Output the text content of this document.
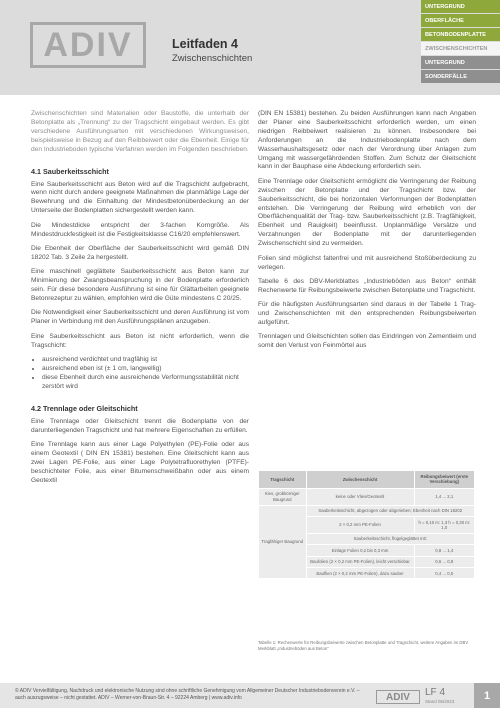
ADIV	Leitfaden 4
Zwischenschichten
UNTERGRUND
OBERFLÄCHE
BETONBODENPLATTE
ZWISCHENSCHICHTEN
UNTERGRUND
SONDERFÄLLE

Zwischenschichten sind Materialien oder Baustoffe, die unterhalb der Betonplatte als „Trennung“ zu der Tragschicht eingebaut werden. Es gibt verschiedene Ausführungsarten mit verschiedenen Wirkungsweisen, beispielsweise in Bezug auf den Reibbeiwert oder die Ebenheit. Einige für den Industrieboden typische Verfahren werden im Folgenden beschrieben.

4.1 Sauberkeitsschicht

Eine Sauberkeitsschicht aus Beton wird auf die Tragschicht aufgebracht, wenn nicht durch andere geeignete Maßnahmen die planmäßige Lage der Bewehrung und die Einhaltung der Mindestbetonüberdeckung an der Unterseite der Bodenplatten sichergestellt werden kann.

Die Mindestdicke entspricht der 3-fachen Korngröße. Als Mindestdruckfestigkeit ist die Festigkeitsklasse C16/20 empfehlenswert.

Die Ebenheit der Oberfläche der Sauberkeitsschicht wird gemäß DIN 18202 Tab. 3 Zeile 2a hergestellt.

Eine maschinell geglättete Sauberkeitsschicht aus Beton kann zur Minimierung der Zwangsbeanspruchung in der Bodenplatte erforderlich sein. Für diese besondere Ausführung ist eine für Glättarbeiten geeignete Betonrezeptur zu wählen, empfohlen wird die Güte mindestens C 20/25.

Die Notwendigkeit einer Sauberkeitsschicht und deren Ausführung ist vom Planer in Verbindung mit den Ausführungsplänen anzugeben.

Eine Sauberkeitsschicht aus Beton ist nicht erforderlich, wenn die Tragschicht:

• ausreichend verdichtet und tragfähig ist
• ausreichend eben ist (± 1 cm, langwellig)
• diese Ebenheit durch eine ausreichende Verformungsstabilität nicht zerstört wird
4.2 Trennlage oder Gleitschicht

Eine Trennlage oder Gleitschicht trennt die Bodenplatte von der darunterliegenden Tragschicht und hat mehrere Eigenschaften zu erfüllen.

Eine Trennlage kann aus einer Lage Polyethylen (PE)-Folie oder aus einem Geotextil ( DIN EN 15381) bestehen. Eine Gleitschicht kann aus zwei Lagen PE-Folie, aus einer Lage Polytetrafluorethylen (PTFE)-beschichteter Folie, aus einer Bitumenschweißbahn oder aus einem Geotextil

(DIN EN 15381) bestehen. Zu beiden Ausführungen kann nach Angaben der Planer eine Sauberkeitsschicht erforderlich werden, um einen niedrigen Reibbeiwert realisieren zu können. Insbesondere bei Anforderungen an die Industriebodenplatte nach dem Wasserhaushaltsgesetz oder nach der Verordnung über Anlagen zum Umgang mit wassergefährdenden Stoffen. Zum Schutz der Gleitschicht kann in der Bauphase eine Abdeckung erforderlich sein.

Eine Trennlage oder Gleitschicht ermöglicht die Verringerung der Reibung zwischen der Betonplatte und der Tragschicht bzw. der Sauberkeitsschicht, die bei horizontalen Verformungen der Bodenplatten entstehen. Die Verringerung der Reibung wird erheblich von der Oberflächenqualität der Trag- bzw. Sauberkeitsschicht (z.B. Tragfähigkeit, Ebenheit und Rauigkeit) beeinflusst. Unplanmäßige Versätze und Verzahnungen der Bodenplatte mit der darunterliegenden Zwischenschicht sind zu vermeiden.

Folien sind möglichst faltenfrei und mit ausreichend Stoßüberdeckung zu verlegen.

Tabelle 6 des DBV-Merkblattes „Industrieböden aus Beton“ enthält Rechenwerte für Reibungsbeiwerte zwischen Betonplatte und Tragschicht.

Für die häufigsten Ausführungsarten sind daraus in der Tabelle 1 Trag- und Zwischenschichten mit den entsprechenden Reibungsbeiwerten aufgeführt.

Trennlagen und Gleitschichten sollen das Eindringen von Zementleim und somit den Verlust von Feinmörtel aus

Tragschicht	Zwischenschicht	Reibungsbeiwert (erste Verschiebung)
Kies, grobkörniger Baugrund	keine oder Vlies/Geotextil	1,4 ... 2,1
Tragfähiger Baugrund	Sauberkeitsschicht, abgezogen oder abgerieben; Ebenheit nach DIN 18202	
	2 × 0,2 mm PE-Folien	h = 0,10 m: 1,3 h = 0,30 m: 1,0
	Sauberkeitsschicht, flügelgeglättet mit:	
	Einlage Folien 0,2 bis 0,3 mm	0,8 ... 1,4
	Baufolien (2 × 0,2 mm PE-Folien), leicht verschiebar	0,6 ... 0,8
	Bauflien (2 × 0,2 mm PE-Folien), dazu sauber	0,4 ... 0,5
Tabelle 1: Rechenwerte für Reibungsbeiwerte zwischen Betonplatte und Tragschicht, weitere Angaben im DBV Merkblatt „Industrieböden aus Beton“
© ADIV Vervielfältigung, Nachdruck und elektronische Nutzung sind ohne schriftliche Genehmigung vom Allgemeiner Deutscher Industriebodenverein e.V. – auch auszugsweise – nicht gestattet. ADIV – Werner-von-Braun-Str. 4 – 92224 Amberg | www.adiv.info	ADIV	LF 4
Stand 06/2023	1
